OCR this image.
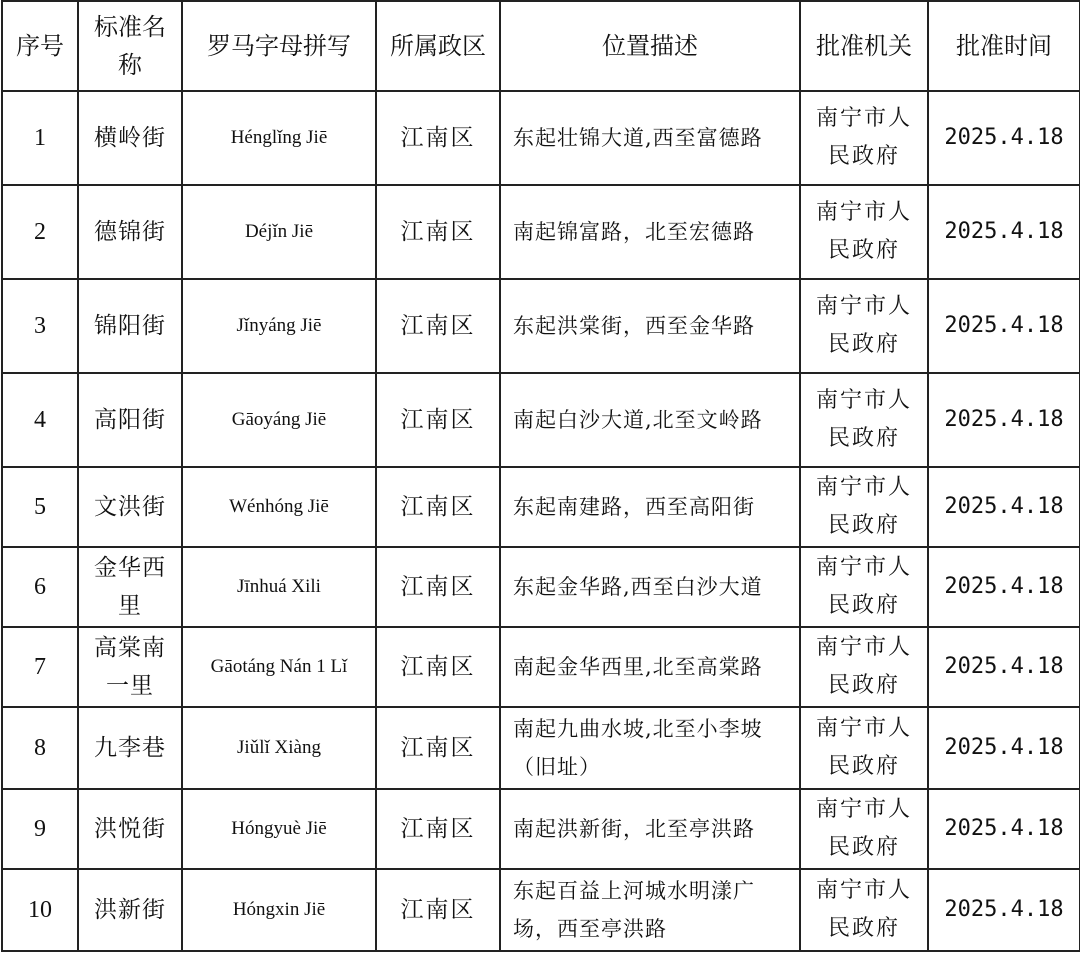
序号	标准名称	罗马字母拼写	所属政区	位置描述	批准机关	批准时间
1	横岭街	Hénglǐng Jiē	江南区	东起壮锦大道,西至富德路	南宁市人民政府	2025.4.18
2	德锦街	Déjǐn Jiē	江南区	南起锦富路，北至宏德路	南宁市人民政府	2025.4.18
3	锦阳街	Jǐnyáng Jiē	江南区	东起洪棠街，西至金华路	南宁市人民政府	2025.4.18
4	高阳街	Gāoyáng Jiē	江南区	南起白沙大道,北至文岭路	南宁市人民政府	2025.4.18
5	文洪街	Wénhóng Jiē	江南区	东起南建路，西至高阳街	南宁市人民政府	2025.4.18
6	金华西里	Jīnhuá Xili	江南区	东起金华路,西至白沙大道	南宁市人民政府	2025.4.18
7	高棠南一里	Gāotáng Nán 1 Lǐ	江南区	南起金华西里,北至高棠路	南宁市人民政府	2025.4.18
8	九李巷	Jiǔlǐ Xiàng	江南区	南起九曲水坡,北至小李坡（旧址）	南宁市人民政府	2025.4.18
9	洪悦街	Hóngyuè Jiē	江南区	南起洪新街，北至亭洪路	南宁市人民政府	2025.4.18
10	洪新街	Hóngxin Jiē	江南区	东起百益上河城水明漾广场，西至亭洪路	南宁市人民政府	2025.4.18
